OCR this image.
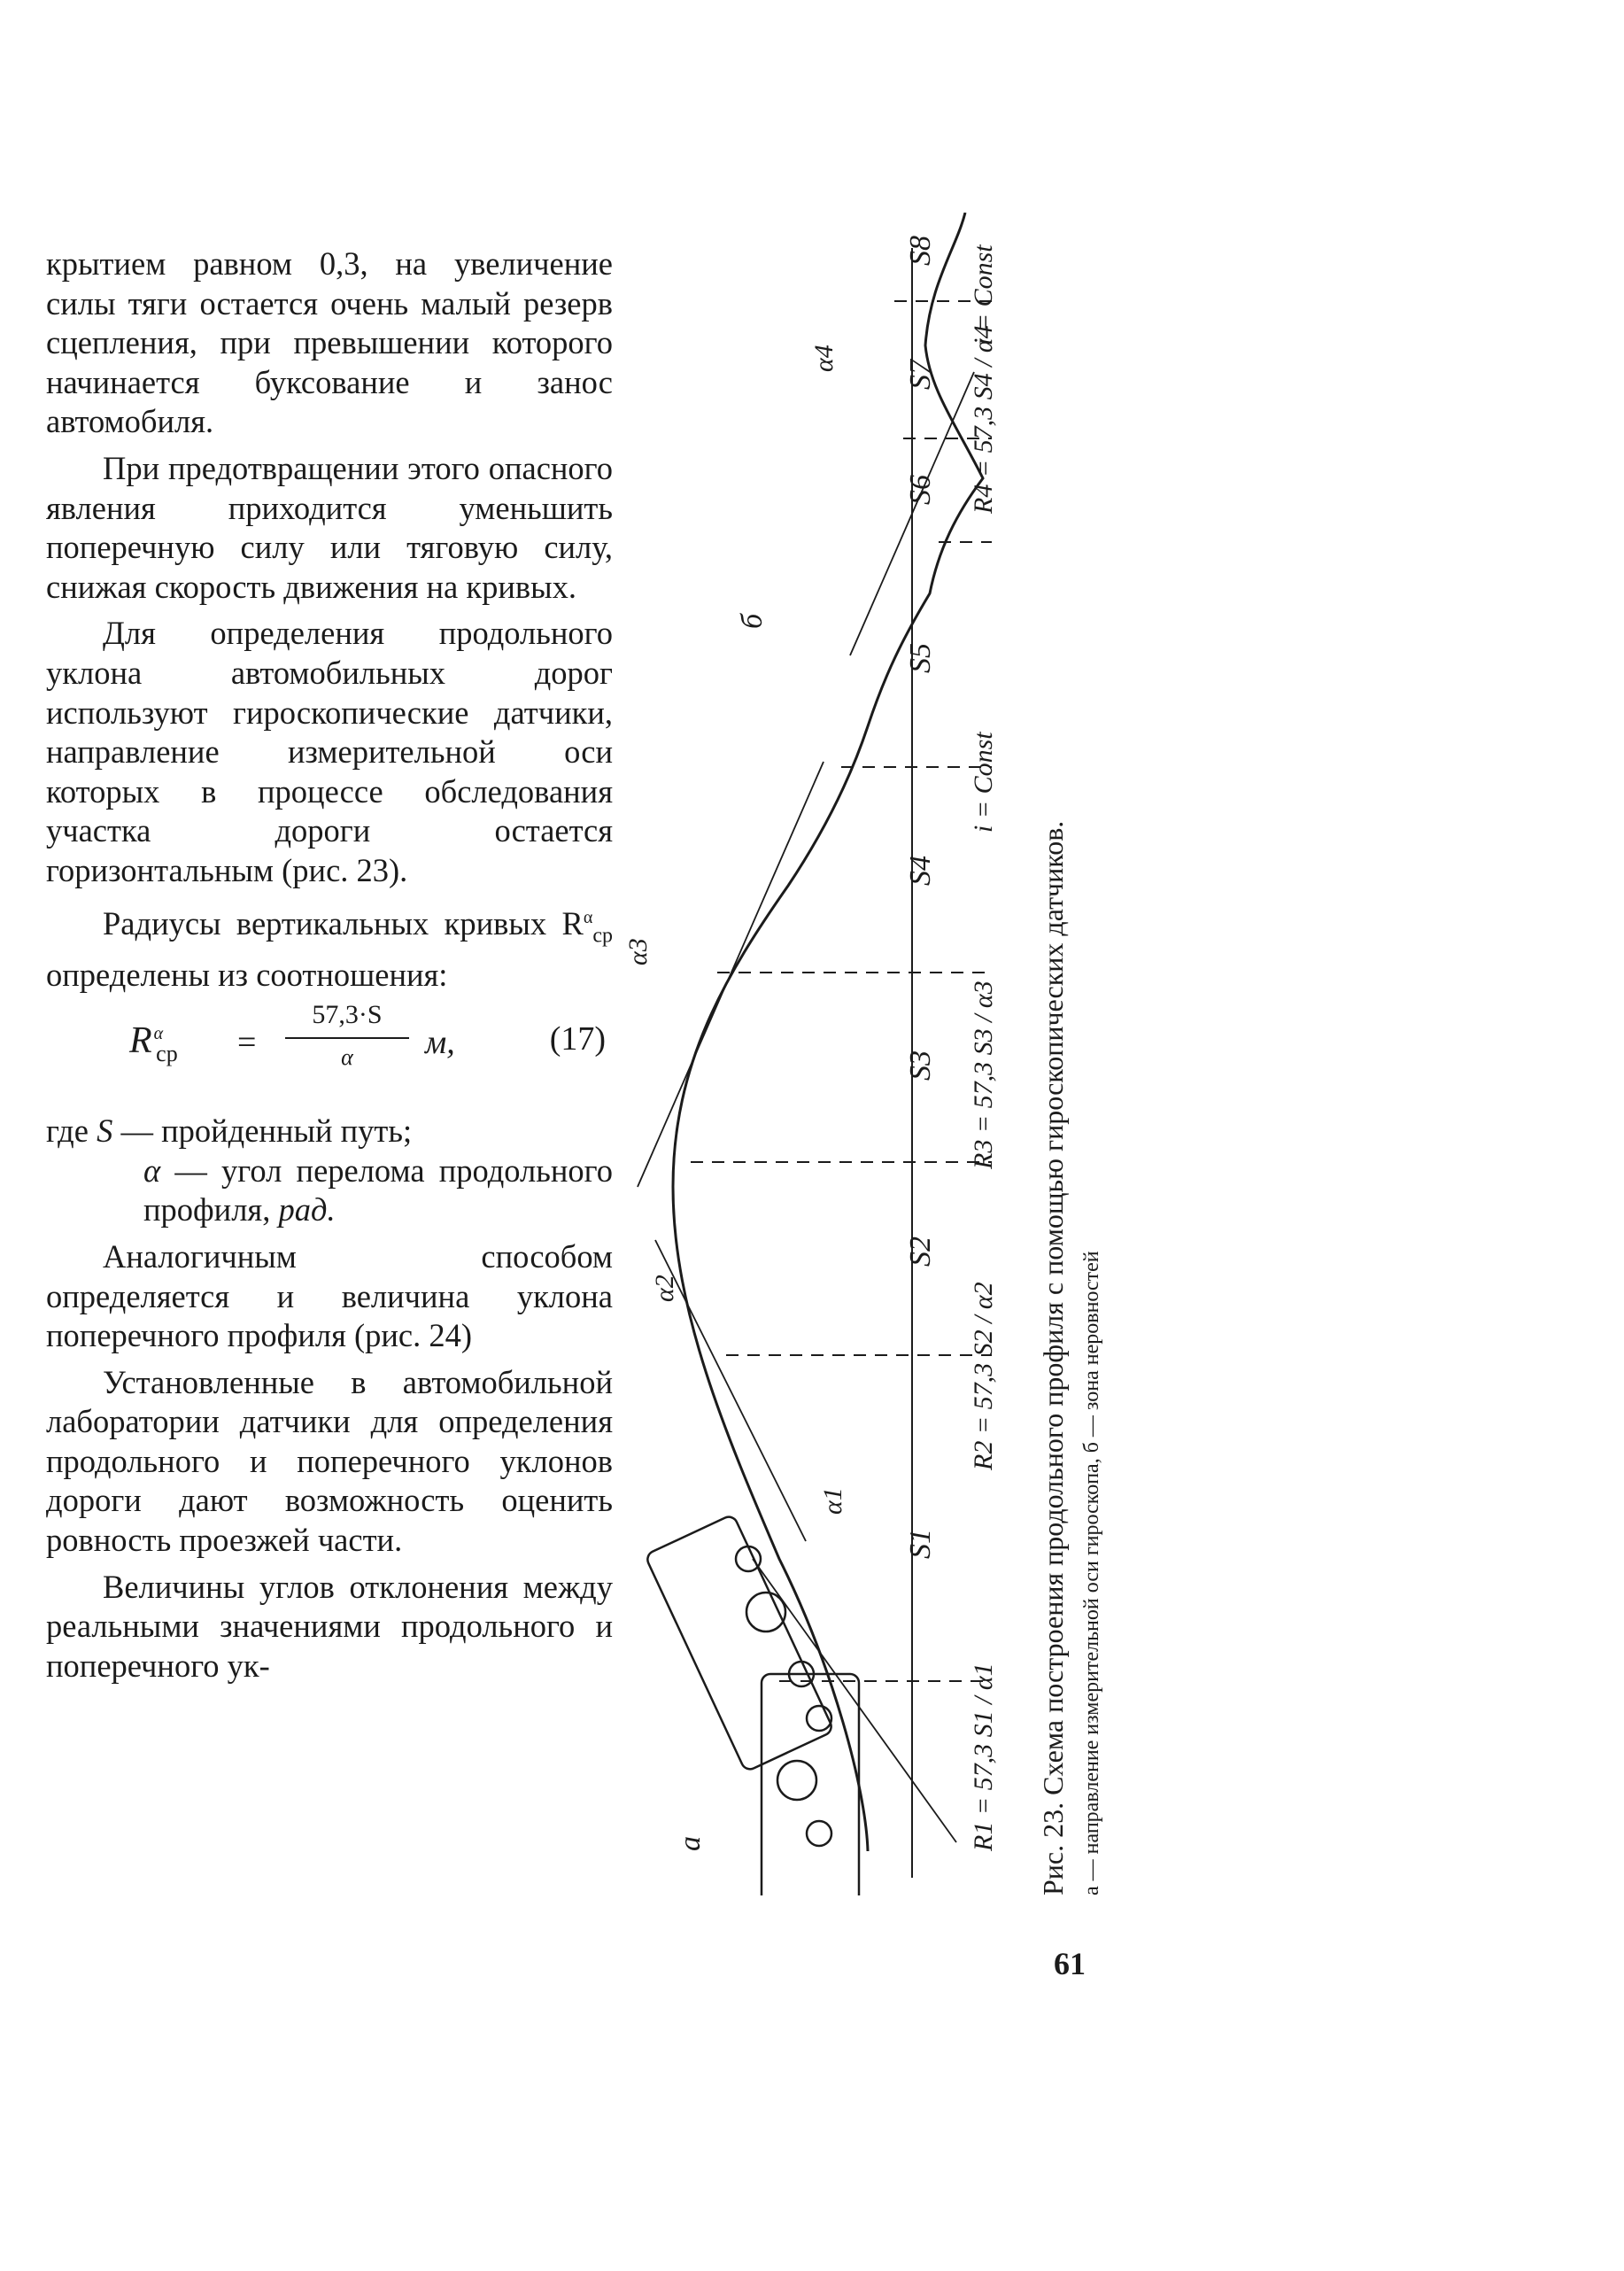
крытием равном 0,3, на увеличение силы тяги остается очень малый резерв сцепления, при превышении которого начинается буксование и занос автомобиля.

При предотвращении этого опасного явления приходится уменьшить поперечную силу или тяговую силу, снижая скорость движения на кривых.

Для определения продольного уклона автомобильных дорог используют гироскопические датчики, направление измерительной оси которых в процессе обследования участка дороги остается горизонтальным (рис. 23).

Радиусы вертикальных кривых $R^\alpha_{ср}$ определены из соотношения:

R $^\alpha_{ср}$ =
57,3·S
α	м,	(17)

где S — пройденный путь;

α — угол перелома продольного профиля, рад.

Аналогичным способом определяется и величина уклона поперечного профиля (рис. 24)

Установленные в автомобильной лаборатории датчики для определения продольного и поперечного уклонов дороги дают возможность оценить ровность проезжей части.

Величины углов отклонения между реальными значениями продольного и поперечного ук-

S1
S2
S3
S4
S5
S6
S7
S8
α1
α2
α3
α4
R1 = 57,3 S1 / α1
R2 = 57,3 S2 / α2
R3 = 57,3 S3 / α3
R4 = 57,3 S4 / α4
i = Const
i = Const
а
б
Рис. 23. Схема построения продольного профиля с помощью гироскопических датчиков. а — направление измерительной оси гироскопа, б — зона неровностей
61
